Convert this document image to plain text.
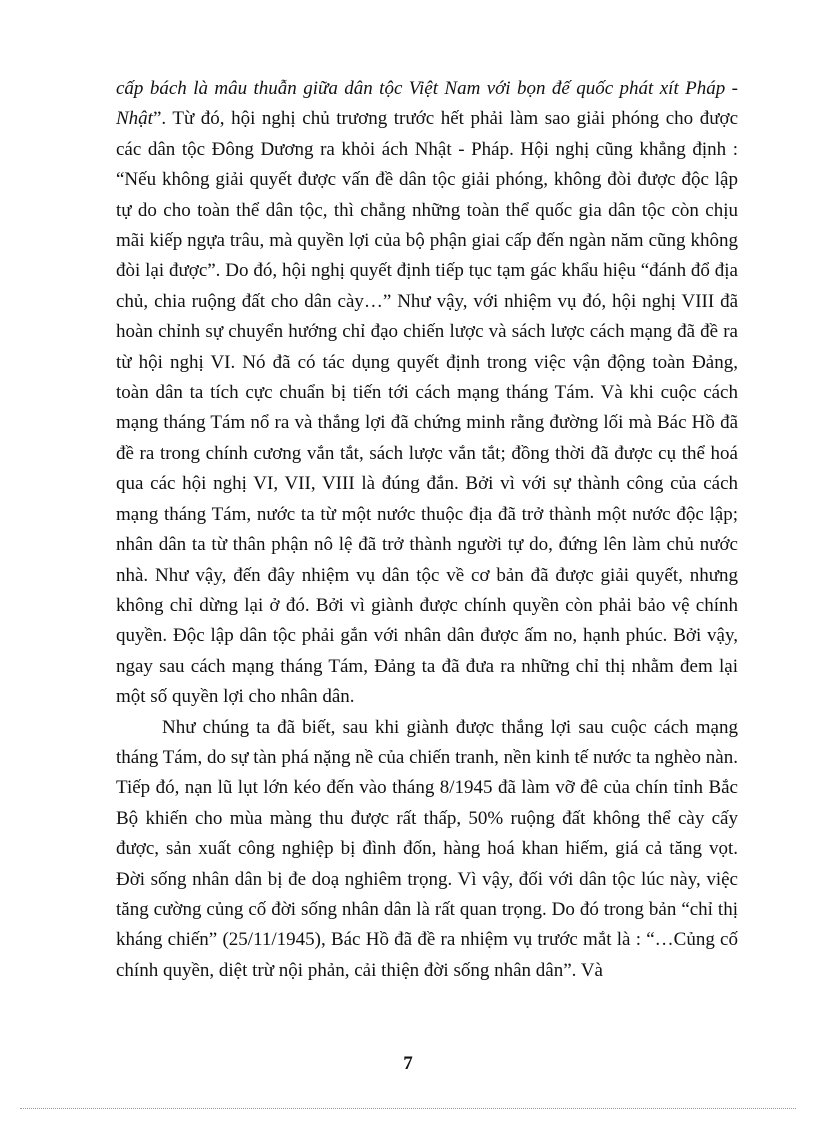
cấp bách là mâu thuẫn giữa dân tộc Việt Nam với bọn đế quốc phát xít Pháp - Nhật”. Từ đó, hội nghị chủ trương trước hết phải làm sao giải phóng cho được các dân tộc Đông Dương ra khỏi ách Nhật - Pháp. Hội nghị cũng khẳng định : “Nếu không giải quyết được vấn đề dân tộc giải phóng, không đòi được độc lập tự do cho toàn thể dân tộc, thì chẳng những toàn thể quốc gia dân tộc còn chịu mãi kiếp ngựa trâu, mà quyền lợi của bộ phận giai cấp đến ngàn năm cũng không đòi lại được”. Do đó, hội nghị quyết định tiếp tục tạm gác khẩu hiệu “đánh đổ địa chủ, chia ruộng đất cho dân cày…” Như vậy, với nhiệm vụ đó, hội nghị VIII đã hoàn chỉnh sự chuyển hướng chỉ đạo chiến lược và sách lược cách mạng đã đề ra từ hội nghị VI. Nó đã có tác dụng quyết định trong việc vận động toàn Đảng, toàn dân ta tích cực chuẩn bị tiến tới cách mạng tháng Tám. Và khi cuộc cách mạng tháng Tám nổ ra và thắng lợi đã chứng minh rằng đường lối mà Bác Hồ đã đề ra trong chính cương vắn tắt, sách lược vắn tắt; đồng thời đã được cụ thể hoá qua các hội nghị VI, VII, VIII là đúng đắn. Bởi vì với sự thành công của cách mạng tháng Tám, nước ta từ một nước thuộc địa đã trở thành một nước độc lập; nhân dân ta từ thân phận nô lệ đã trở thành người tự do, đứng lên làm chủ nước nhà. Như vậy, đến đây nhiệm vụ dân tộc về cơ bản đã được giải quyết, nhưng không chỉ dừng lại ở đó. Bởi vì giành được chính quyền còn phải bảo vệ chính quyền. Độc lập dân tộc phải gắn với nhân dân được ấm no, hạnh phúc. Bởi vậy, ngay sau cách mạng tháng Tám, Đảng ta đã đưa ra những chỉ thị nhằm đem lại một số quyền lợi cho nhân dân.

Như chúng ta đã biết, sau khi giành được thắng lợi sau cuộc cách mạng tháng Tám, do sự tàn phá nặng nề của chiến tranh, nền kinh tế nước ta nghèo nàn. Tiếp đó, nạn lũ lụt lớn kéo đến vào tháng 8/1945 đã làm vỡ đê của chín tỉnh Bắc Bộ khiến cho mùa màng thu được rất thấp, 50% ruộng đất không thể cày cấy được, sản xuất công nghiệp bị đình đốn, hàng hoá khan hiếm, giá cả tăng vọt. Đời sống nhân dân bị đe doạ nghiêm trọng. Vì vậy, đối với dân tộc lúc này, việc tăng cường củng cố đời sống nhân dân là rất quan trọng. Do đó trong bản “chỉ thị kháng chiến” (25/11/1945), Bác Hồ đã đề ra nhiệm vụ trước mắt là : “…Củng cố chính quyền, diệt trừ nội phản, cải thiện đời sống nhân dân”. Và

7
